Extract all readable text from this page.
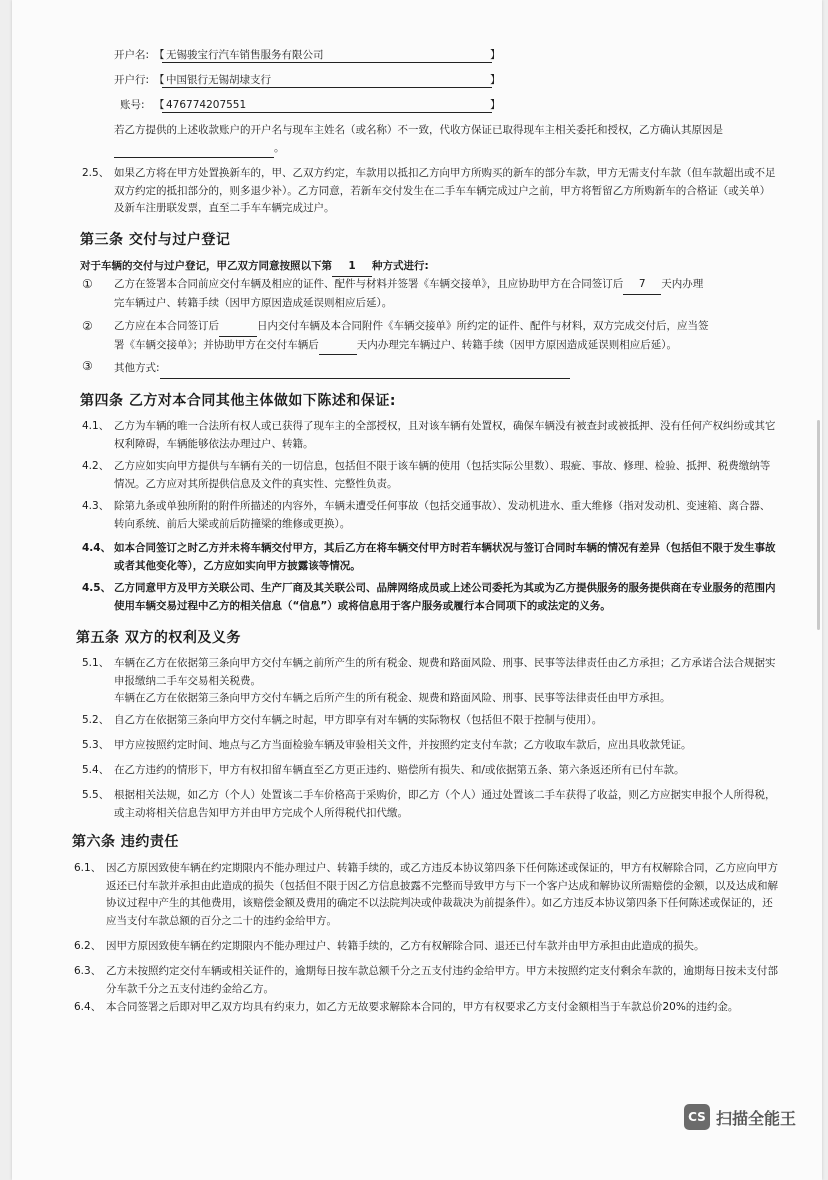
开户名: 【 无锡骏宝行汽车销售服务有限公司	】
开户行: 【 中国银行无锡胡埭支行	】
账号: 【 476774207551	】
若乙方提供的上述收款账户的开户名与现车主姓名（或名称）不一致，代收方保证已取得现车主相关委托和授权，乙方确认其原因是 。
2.5、 如果乙方将在甲方处置换新车的，甲、乙双方约定，车款用以抵扣乙方向甲方所购买的新车的部分车款，甲方无需支付车款（但车款超出或不足双方约定的抵扣部分的，则多退少补）。乙方同意，若新车交付发生在二手车车辆完成过户之前，甲方将暂留乙方所购新车的合格证（或关单）及新车注册联发票，直至二手车车辆完成过户。
第三条 交付与过户登记
对于车辆的交付与过户登记，甲乙双方同意按照以下第 1 种方式进行:
① 乙方在签署本合同前应交付车辆及相应的证件、配件与材料并签署《车辆交接单》，且应协助甲方在合同签订后 7 天内办理
完车辆过户、转籍手续（因甲方原因造成延误则相应后延）。
② 乙方应在本合同签订后	日内交付车辆及本合同附件《车辆交接单》所约定的证件、配件与材料，双方完成交付后，应当签
署《车辆交接单》；并协助甲方在交付车辆后	天内办理完车辆过户、转籍手续（因甲方原因造成延误则相应后延）。
③ 其他方式:
第四条 乙方对本合同其他主体做如下陈述和保证:
4.1、 乙方为车辆的唯一合法所有权人或已获得了现车主的全部授权，且对该车辆有处置权，确保车辆没有被查封或被抵押、没有任何产权纠纷或其它权利障碍，车辆能够依法办理过户、转籍。
4.2、 乙方应如实向甲方提供与车辆有关的一切信息，包括但不限于该车辆的使用（包括实际公里数）、瑕疵、事故、修理、检验、抵押、税费缴纳等情况。乙方应对其所提供信息及文件的真实性、完整性负责。
4.3、 除第九条或单独所附的附件所描述的内容外，车辆未遭受任何事故（包括交通事故）、发动机进水、重大维修（指对发动机、变速箱、离合器、转向系统、前后大梁或前后防撞梁的维修或更换）。
4.4、 如本合同签订之时乙方并未将车辆交付甲方，其后乙方在将车辆交付甲方时若车辆状况与签订合同时车辆的情况有差异（包括但不限于发生事故或者其他变化等），乙方应如实向甲方披露该等情况。
4.5、 乙方同意甲方及甲方关联公司、生产厂商及其关联公司、品牌网络成员或上述公司委托为其或为乙方提供服务的服务提供商在专业服务的范围内使用车辆交易过程中乙方的相关信息（“信息”）或将信息用于客户服务或履行本合同项下的或法定的义务。
第五条 双方的权利及义务
5.1、 车辆在乙方在依据第三条向甲方交付车辆之前所产生的所有税金、规费和路面风险、刑事、民事等法律责任由乙方承担；乙方承诺合法合规据实申报缴纳二手车交易相关税费。
车辆在乙方在依据第三条向甲方交付车辆之后所产生的所有税金、规费和路面风险、刑事、民事等法律责任由甲方承担。
5.2、 自乙方在依据第三条向甲方交付车辆之时起，甲方即享有对车辆的实际物权（包括但不限于控制与使用）。
5.3、 甲方应按照约定时间、地点与乙方当面检验车辆及审验相关文件，并按照约定支付车款；乙方收取车款后，应出具收款凭证。
5.4、 在乙方违约的情形下，甲方有权扣留车辆直至乙方更正违约、赔偿所有损失、和/或依据第五条、第六条返还所有已付车款。
5.5、 根据相关法规，如乙方（个人）处置该二手车价格高于采购价，即乙方（个人）通过处置该二手车获得了收益，则乙方应据实申报个人所得税，或主动将相关信息告知甲方并由甲方完成个人所得税代扣代缴。
第六条 违约责任
6.1、 因乙方原因致使车辆在约定期限内不能办理过户、转籍手续的，或乙方违反本协议第四条下任何陈述或保证的，甲方有权解除合同，乙方应向甲方返还已付车款并承担由此造成的损失（包括但不限于因乙方信息披露不完整而导致甲方与下一个客户达成和解协议所需赔偿的金额，以及达成和解协议过程中产生的其他费用，该赔偿金额及费用的确定不以法院判决或仲裁裁决为前提条件）。如乙方违反本协议第四条下任何陈述或保证的，还应当支付车款总额的百分之二十的违约金给甲方。
6.2、 因甲方原因致使车辆在约定期限内不能办理过户、转籍手续的，乙方有权解除合同、退还已付车款并由甲方承担由此造成的损失。
6.3、 乙方未按照约定交付车辆或相关证件的，逾期每日按车款总额千分之五支付违约金给甲方。甲方未按照约定支付剩余车款的，逾期每日按未支付部分车款千分之五支付违约金给乙方。
6.4、 本合同签署之后即对甲乙双方均具有约束力，如乙方无故要求解除本合同的，甲方有权要求乙方支付金额相当于车款总价20%的违约金。
CS 扫描全能王
